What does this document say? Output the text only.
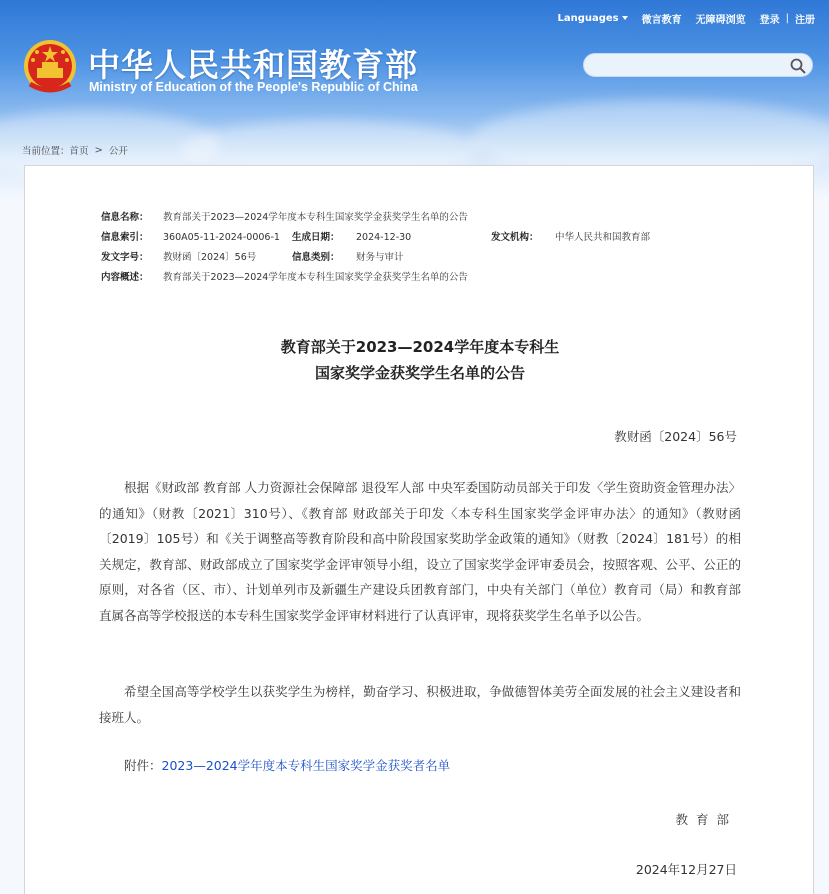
中华人民共和国教育部
Ministry of Education of the People's Republic of China
Languages	微言教育 无障碍浏览 登录 | 注册
当前位置： 首页 > 公开
信息名称： 教育部关于2023—2024学年度本专科生国家奖学金获奖学生名单的公告
信息索引： 360A05-11-2024-0006-1 生成日期： 2024-12-30	发文机构： 中华人民共和国教育部
发文字号： 教财函〔2024〕56号	信息类别： 财务与审计
内容概述： 教育部关于2023—2024学年度本专科生国家奖学金获奖学生名单的公告
教育部关于2023—2024学年度本专科生
国家奖学金获奖学生名单的公告
教财函〔2024〕56号
根据《财政部 教育部 人力资源社会保障部 退役军人部 中央军委国防动员部关于印发〈学生资助资金管理办法〉的通知》（财教〔2021〕310号）、《教育部 财政部关于印发〈本专科生国家奖学金评审办法〉的通知》（教财函〔2019〕105号）和《关于调整高等教育阶段和高中阶段国家奖助学金政策的通知》（财教〔2024〕181号）的相关规定，教育部、财政部成立了国家奖学金评审领导小组，设立了国家奖学金评审委员会，按照客观、公平、公正的原则，对各省（区、市）、计划单列市及新疆生产建设兵团教育部门，中央有关部门（单位）教育司（局）和教育部直属各高等学校报送的本专科生国家奖学金评审材料进行了认真评审，现将获奖学生名单予以公告。
希望全国高等学校学生以获奖学生为榜样，勤奋学习、积极进取，争做德智体美劳全面发展的社会主义建设者和接班人。
附件：2023—2024学年度本专科生国家奖学金获奖者名单
教育部
2024年12月27日
